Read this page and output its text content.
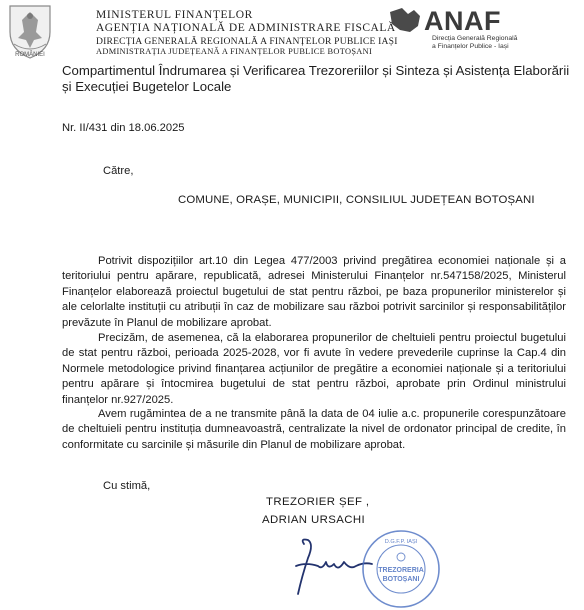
ROMÂNIEI
MINISTERUL FINANȚELOR
AGENȚIA NAȚIONALĂ DE ADMINISTRARE FISCALĂ
DIRECȚIA GENERALĂ REGIONALĂ A FINANȚELOR PUBLICE IAȘI
ADMINISTRAȚIA JUDEȚEANĂ A FINANȚELOR PUBLICE BOTOȘANI
ANAF
Direcția Generală Regională
a Finanțelor Publice - Iași
Compartimentul Îndrumarea și Verificarea Trezoreriilor și Sinteza și Asistența Elaborării și Execuției Bugetelor Locale
Nr. II/431 din 18.06.2025
Către,
COMUNE, ORAȘE, MUNICIPII, CONSILIUL JUDEȚEAN BOTOȘANI

Potrivit dispozițiilor art.10 din Legea 477/2003 privind pregătirea economiei naționale și a teritoriului pentru apărare, republicată, adresei Ministerului Finanțelor nr.547158/2025, Ministerul Finanțelor elaborează proiectul bugetului de stat pentru război, pe baza propunerilor ministerelor și ale celorlalte instituții cu atribuții în caz de mobilizare sau război potrivit sarcinilor și responsabilităților prevăzute în Planul de mobilizare aprobat.

Precizăm, de asemenea, că la elaborarea propunerilor de cheltuieli pentru proiectul bugetului de stat pentru război, perioada 2025-2028, vor fi avute în vedere prevederile cuprinse la Cap.4 din Normele metodologice privind finanțarea acțiunilor de pregătire a economiei naționale și a teritoriului pentru apărare și întocmirea bugetului de stat pentru război, aprobate prin Ordinul ministrului finanțelor nr.927/2025.

Avem rugămintea de a ne transmite până la data de 04 iulie a.c. propunerile corespunzătoare de cheltuieli pentru instituția dumneavoastră, centralizate la nivel de ordonator principal de credite, în conformitate cu sarcinile și măsurile din Planul de mobilizare aprobat.

Cu stimă,
TREZORIER ȘEF ,
ADRIAN URSACHI
D.G.F.P. IAȘI
TREZORERIA
BOTOȘANI
